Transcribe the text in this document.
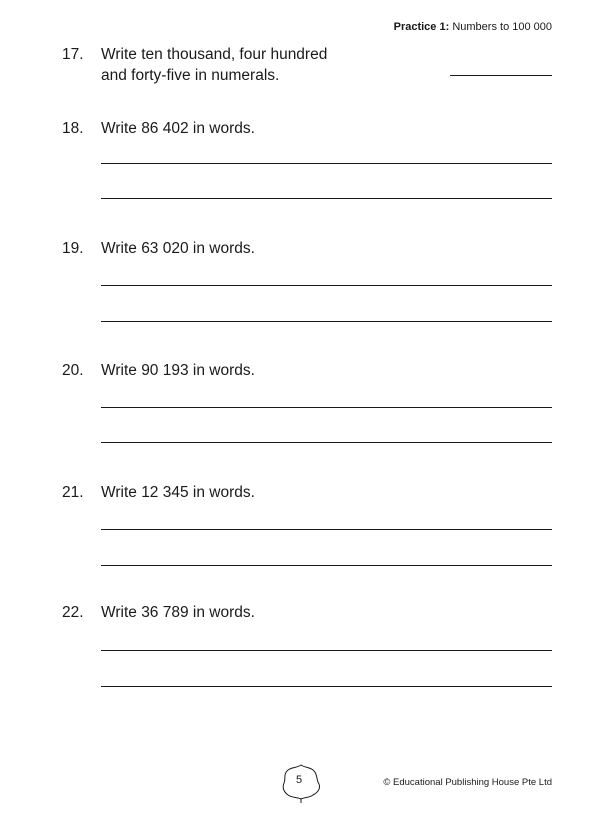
Practice 1: Numbers to 100 000
17.	Write ten thousand, four hundred
and forty-five in numerals.
18.	Write 86 402 in words.
19.	Write 63 020 in words.
20.	Write 90 193 in words.
21.	Write 12 345 in words.
22.	Write 36 789 in words.
5	© Educational Publishing House Pte Ltd
